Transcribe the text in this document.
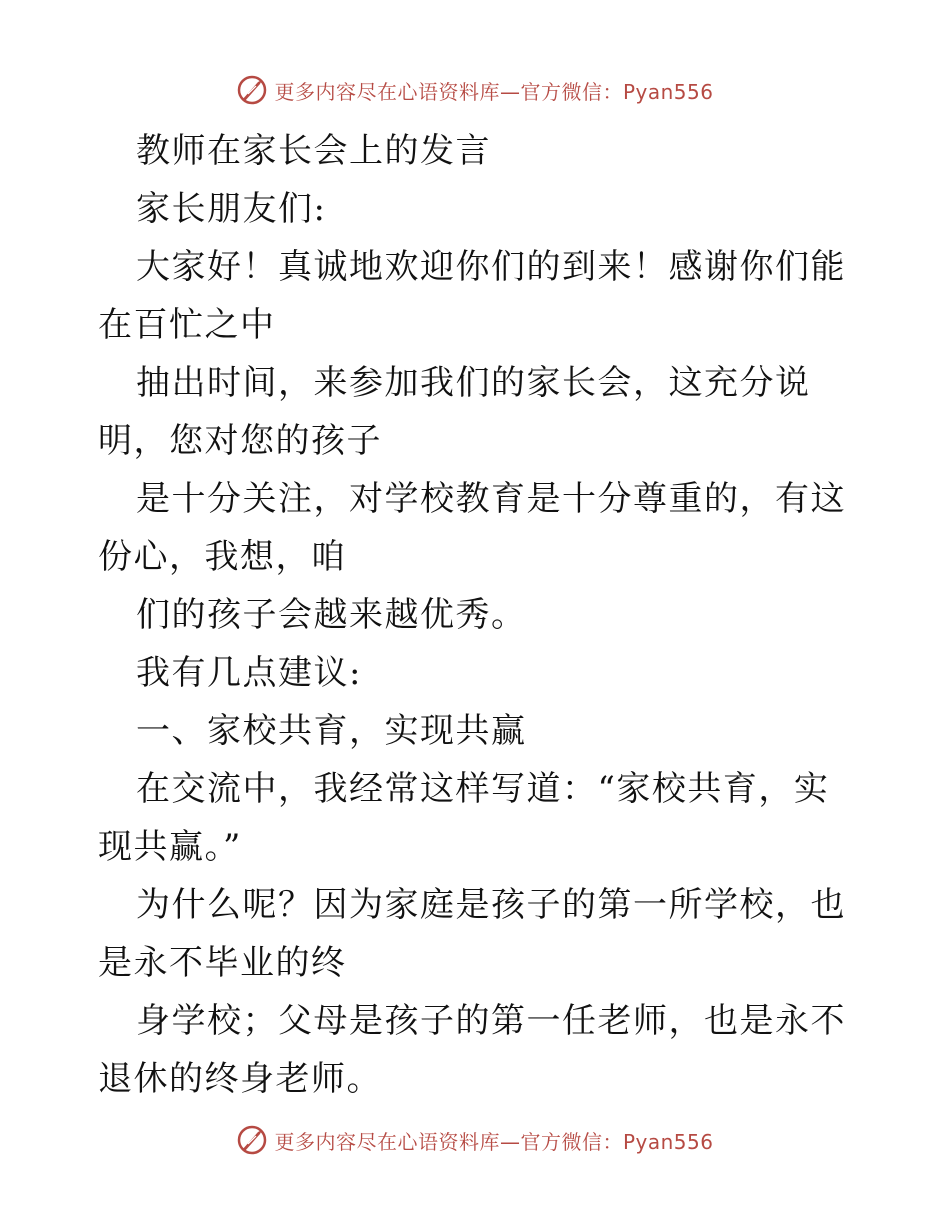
更多内容尽在心语资料库—官方微信：Pyan556

教师在家长会上的发言

家长朋友们:

大家好！真诚地欢迎你们的到来！感谢你们能在百忙之中

抽出时间，来参加我们的家长会，这充分说明，您对您的孩子

是十分关注，对学校教育是十分尊重的，有这份心，我想，咱

们的孩子会越来越优秀。

我有几点建议:

一、家校共育，实现共赢

在交流中，我经常这样写道：“家校共育，实现共赢。”

为什么呢？因为家庭是孩子的第一所学校，也是永不毕业的终

身学校；父母是孩子的第一任老师，也是永不退休的终身老师。

更多内容尽在心语资料库—官方微信：Pyan556
